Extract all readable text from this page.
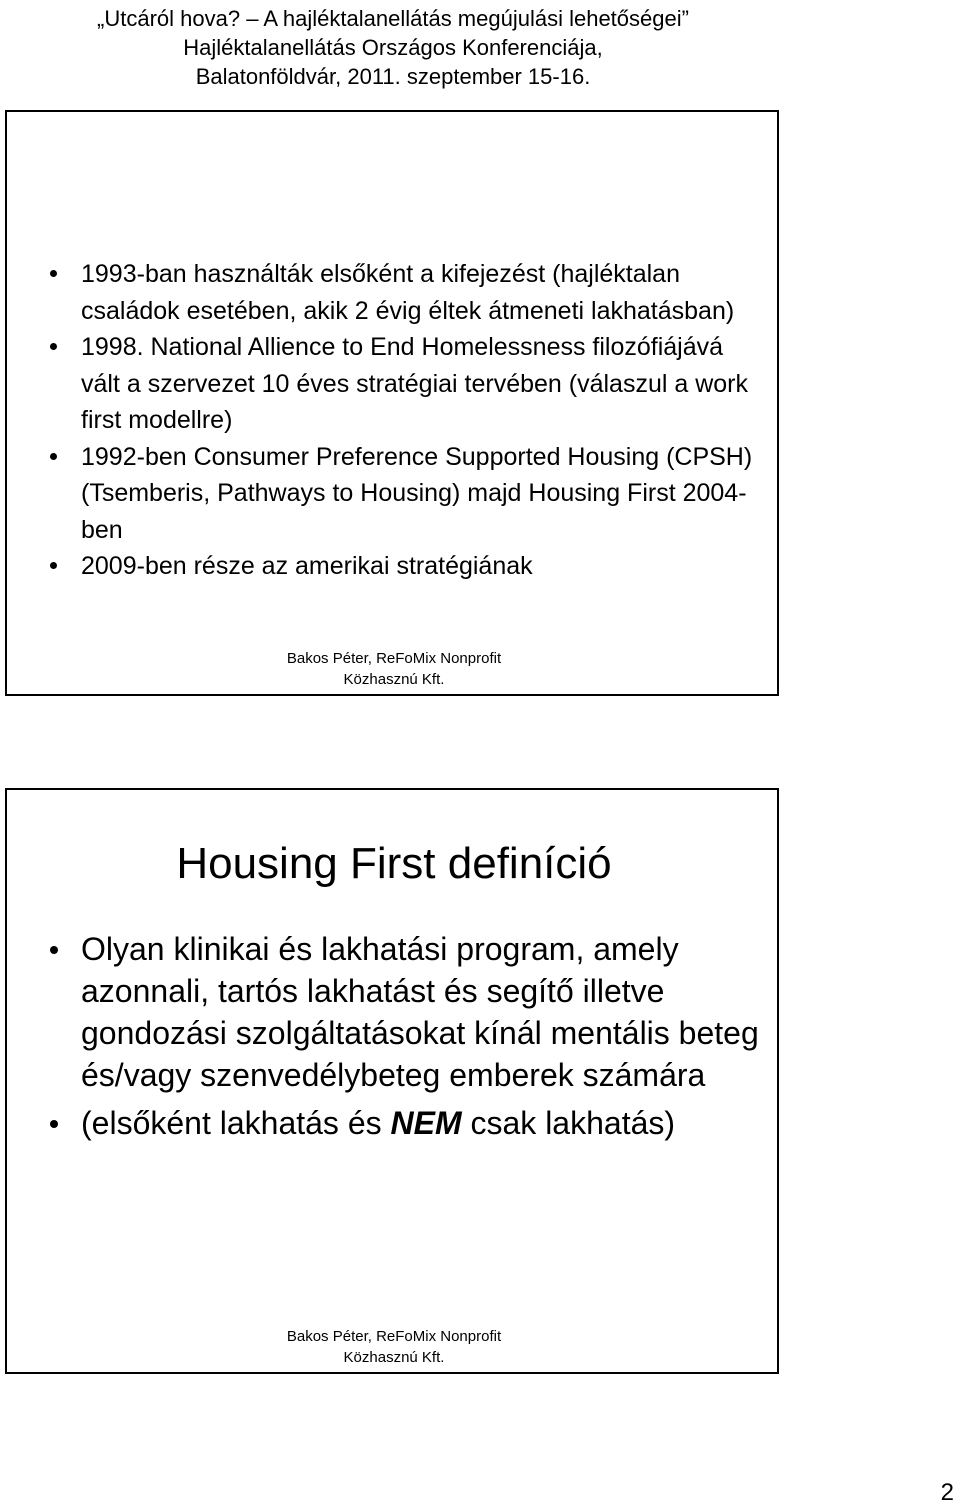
„Utcáról hova? – A hajléktalanellátás megújulási lehetőségei”
Hajléktalanellátás Országos Konferenciája,
Balatonföldvár, 2011. szeptember 15-16.
1993-ban használták elsőként a kifejezést (hajléktalan családok esetében, akik 2 évig éltek átmeneti lakhatásban)
1998. National Allience to End Homelessness filozófiájává vált a szervezet 10 éves stratégiai tervében (válaszul a work first modellre)
1992-ben Consumer Preference Supported Housing (CPSH) (Tsemberis, Pathways to Housing) majd Housing First 2004-ben
2009-ben része az amerikai stratégiának
Bakos Péter, ReFoMix Nonprofit
Közhasznú Kft.
Housing First definíció
Olyan klinikai és lakhatási program, amely azonnali, tartós lakhatást és segítő illetve gondozási szolgáltatásokat kínál mentális beteg és/vagy szenvedélybeteg emberek számára
(elsőként lakhatás és NEM csak lakhatás)
Bakos Péter, ReFoMix Nonprofit
Közhasznú Kft.
2
